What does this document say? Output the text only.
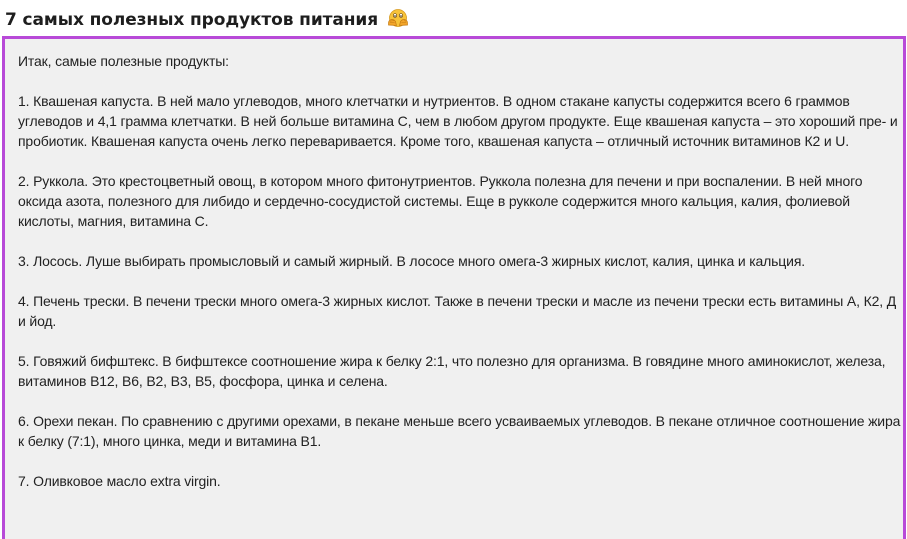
7 самых полезных продуктов питания

Итак, самые полезные продукты:

1. Квашеная капуста. В ней мало углеводов, много клетчатки и нутриентов. В одном стакане капусты содержится всего 6 граммов углеводов и 4,1 грамма клетчатки. В ней больше витамина С, чем в любом другом продукте. Еще квашеная капуста – это хороший пре- и пробиотик. Квашеная капуста очень легко переваривается. Кроме того, квашеная капуста – отличный источник витаминов К2 и U.

2. Руккола. Это крестоцветный овощ, в котором много фитонутриентов. Руккола полезна для печени и при воспалении. В ней много оксида азота, полезного для либидо и сердечно-сосудистой системы. Еще в рукколе содержится много кальция, калия, фолиевой кислоты, магния, витамина С.

3. Лосось. Луше выбирать промысловый и самый жирный. В лососе много омега-3 жирных кислот, калия, цинка и кальция.

4. Печень трески. В печени трески много омега-3 жирных кислот. Также в печени трески и масле из печени трески есть витамины А, К2, Д и йод.

5. Говяжий бифштекс. В бифштексе соотношение жира к белку 2:1, что полезно для организма. В говядине много аминокислот, железа, витаминов В12, В6, В2, В3, В5, фосфора, цинка и селена.

6. Орехи пекан. По сравнению с другими орехами, в пекане меньше всего усваиваемых углеводов. В пекане отличное соотношение жира к белку (7:1), много цинка, меди и витамина В1.

7. Оливковое масло extra virgin.
